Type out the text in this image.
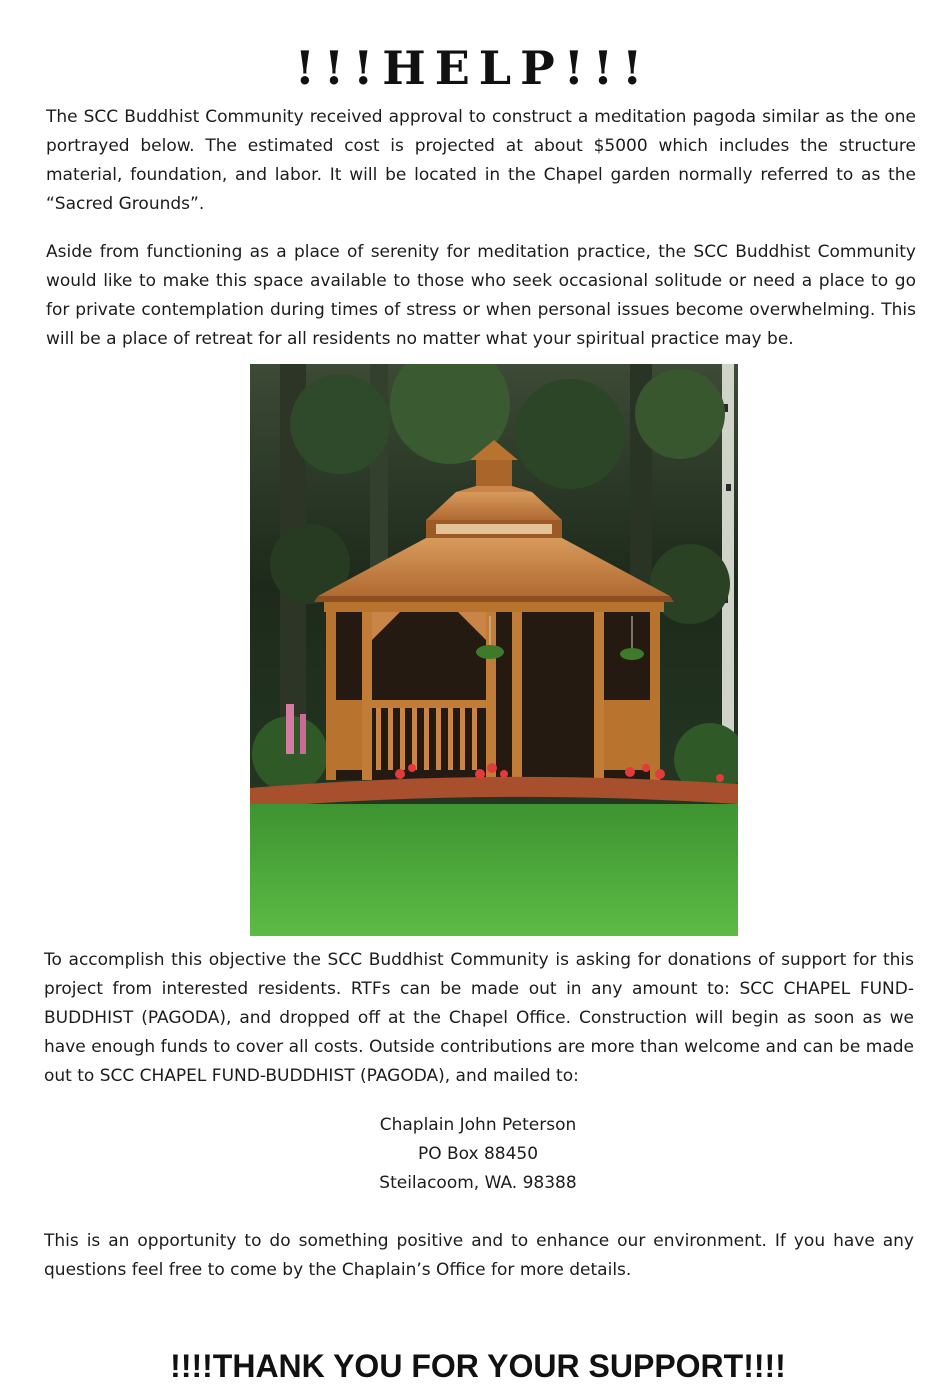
!!!HELP!!!

The SCC Buddhist Community received approval to construct a meditation pagoda similar as the one portrayed below. The estimated cost is projected at about $5000 which includes the structure material, foundation, and labor. It will be located in the Chapel garden normally referred to as the “Sacred Grounds”.

Aside from functioning as a place of serenity for meditation practice, the SCC Buddhist Community would like to make this space available to those who seek occasional solitude or need a place to go for private contemplation during times of stress or when personal issues become overwhelming. This will be a place of retreat for all residents no matter what your spiritual practice may be.

To accomplish this objective the SCC Buddhist Community is asking for donations of support for this project from interested residents. RTFs can be made out in any amount to: SCC CHAPEL FUND-BUDDHIST (PAGODA), and dropped off at the Chapel Office. Construction will begin as soon as we have enough funds to cover all costs. Outside contributions are more than welcome and can be made out to SCC CHAPEL FUND-BUDDHIST (PAGODA), and mailed to:

Chaplain John Peterson
PO Box 88450
Steilacoom, WA. 98388

This is an opportunity to do something positive and to enhance our environment. If you have any questions feel free to come by the Chaplain’s Office for more details.

!!!!THANK YOU FOR YOUR SUPPORT!!!!
